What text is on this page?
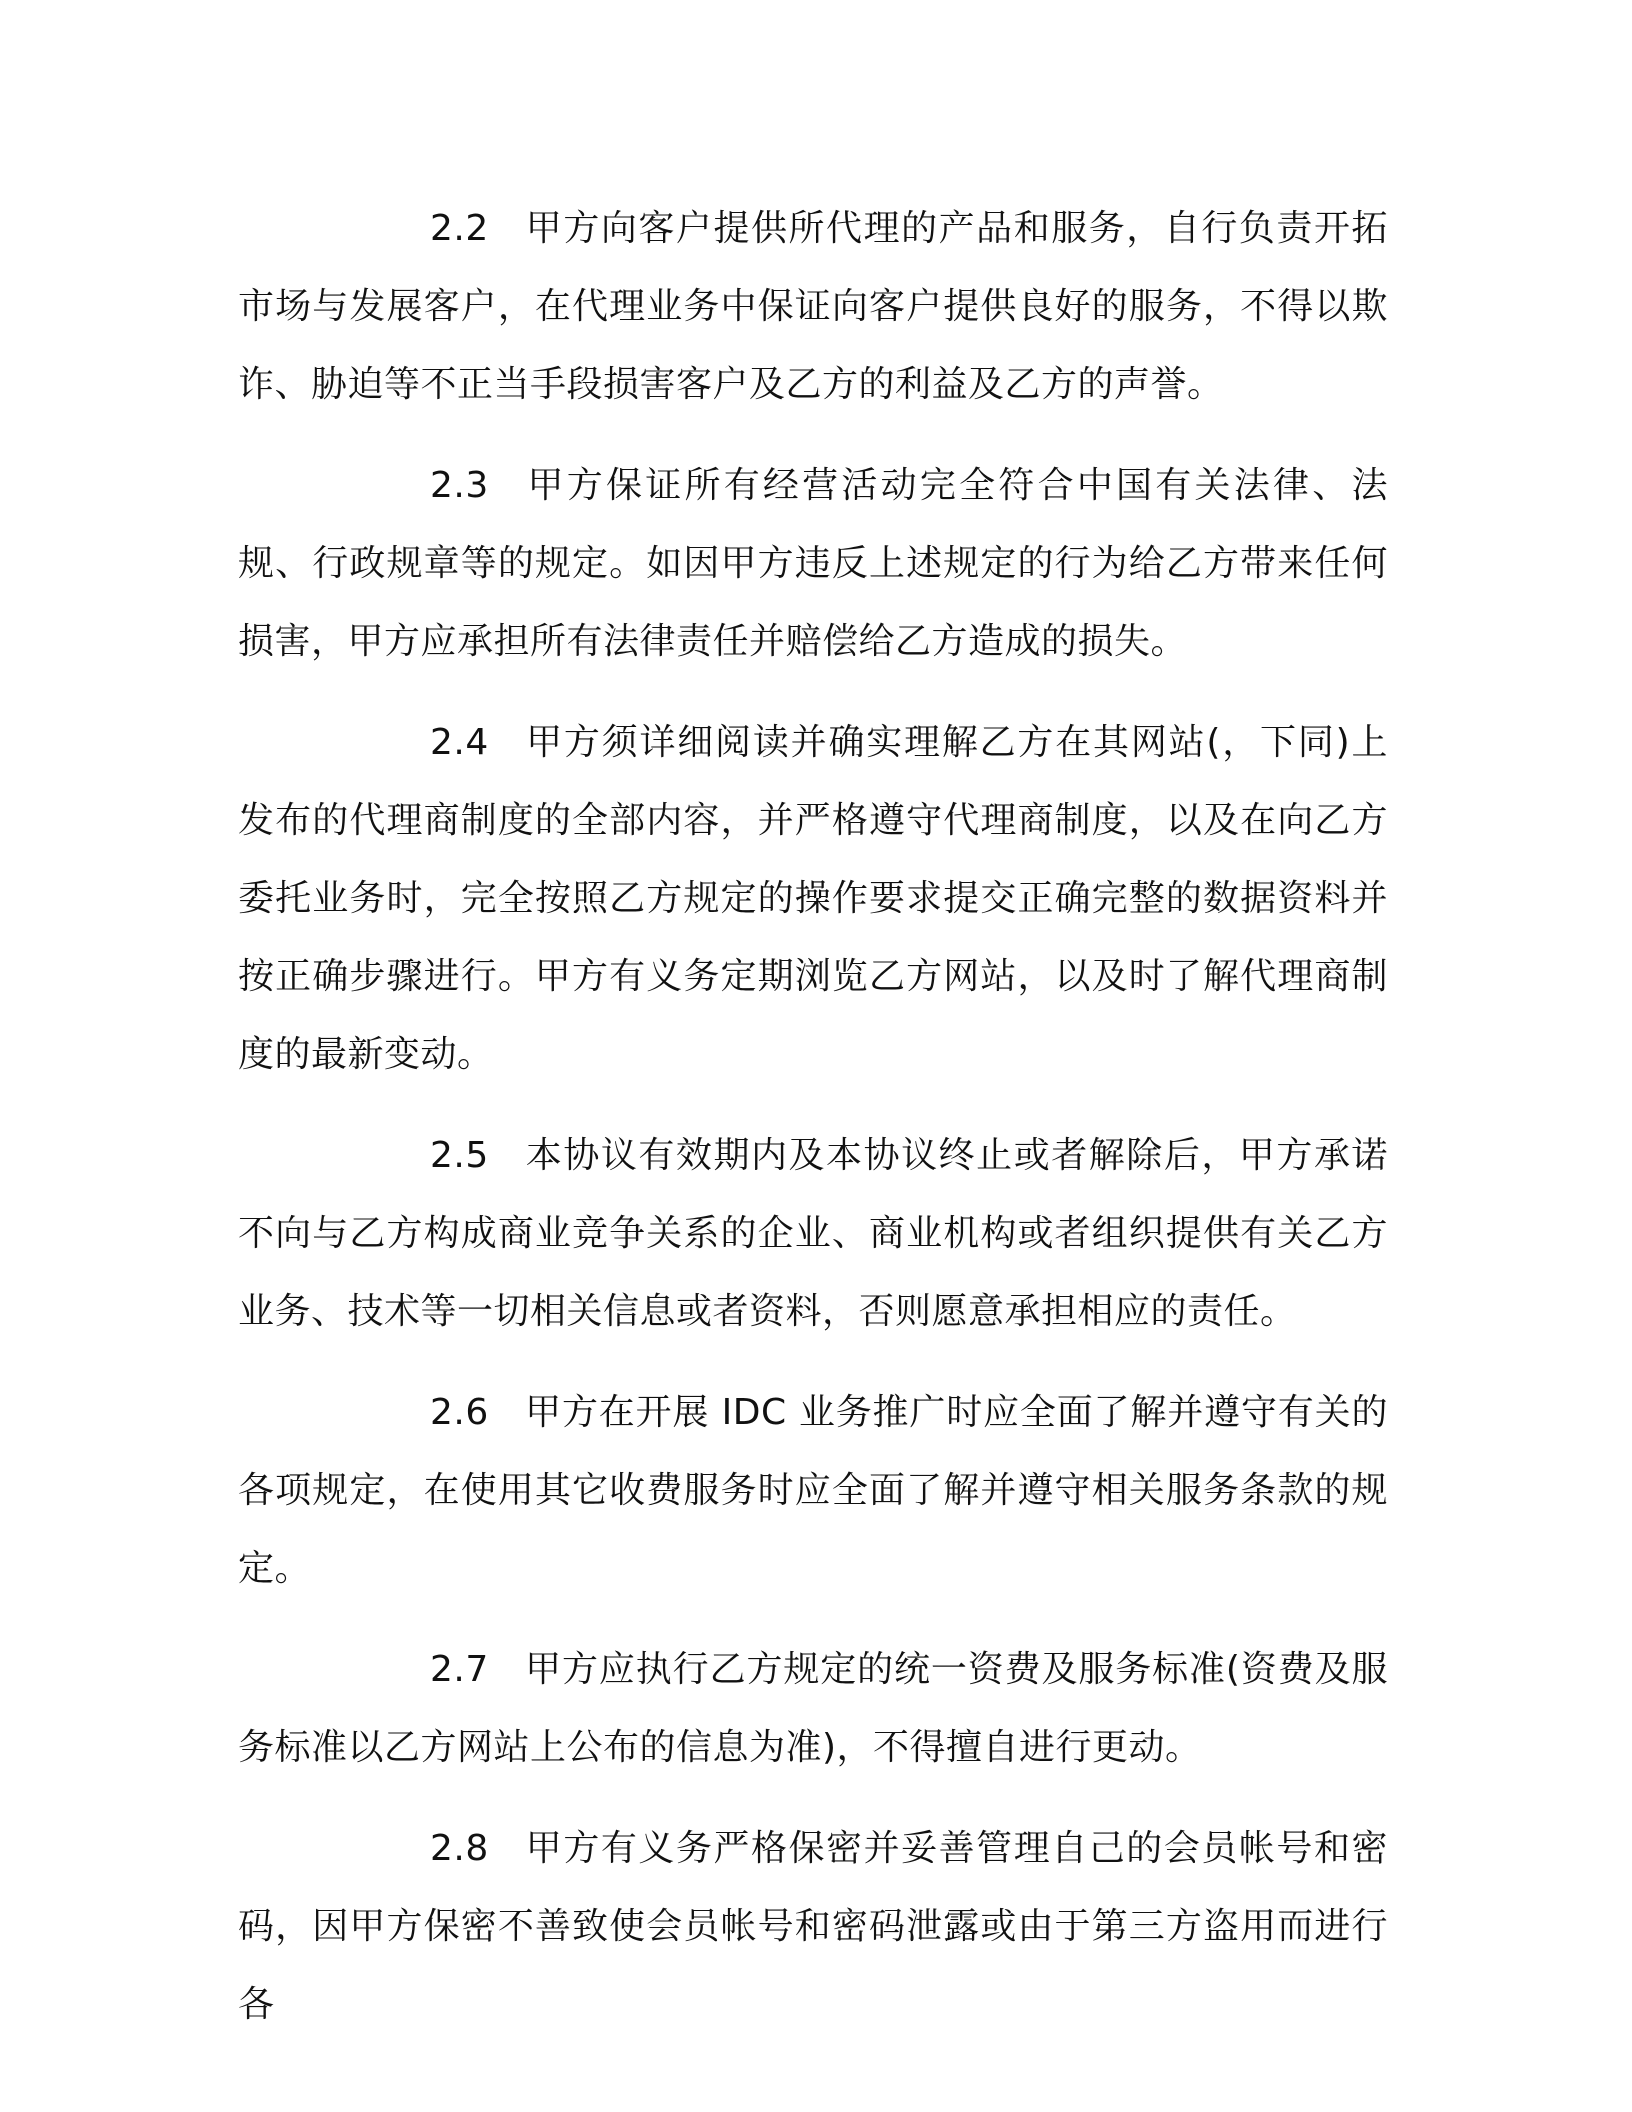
2.2 甲方向客户提供所代理的产品和服务，自行负责开拓市场与发展客户，在代理业务中保证向客户提供良好的服务，不得以欺诈、胁迫等不正当手段损害客户及乙方的利益及乙方的声誉。

2.3 甲方保证所有经营活动完全符合中国有关法律、法规、行政规章等的规定。如因甲方违反上述规定的行为给乙方带来任何损害，甲方应承担所有法律责任并赔偿给乙方造成的损失。

2.4 甲方须详细阅读并确实理解乙方在其网站(，下同)上发布的代理商制度的全部内容，并严格遵守代理商制度，以及在向乙方委托业务时，完全按照乙方规定的操作要求提交正确完整的数据资料并按正确步骤进行。甲方有义务定期浏览乙方网站，以及时了解代理商制度的最新变动。

2.5 本协议有效期内及本协议终止或者解除后，甲方承诺不向与乙方构成商业竞争关系的企业、商业机构或者组织提供有关乙方业务、技术等一切相关信息或者资料，否则愿意承担相应的责任。

2.6 甲方在开展 IDC 业务推广时应全面了解并遵守有关的各项规定，在使用其它收费服务时应全面了解并遵守相关服务条款的规定。

2.7 甲方应执行乙方规定的统一资费及服务标准(资费及服务标准以乙方网站上公布的信息为准)，不得擅自进行更动。

2.8 甲方有义务严格保密并妥善管理自己的会员帐号和密码，因甲方保密不善致使会员帐号和密码泄露或由于第三方盗用而进行各
